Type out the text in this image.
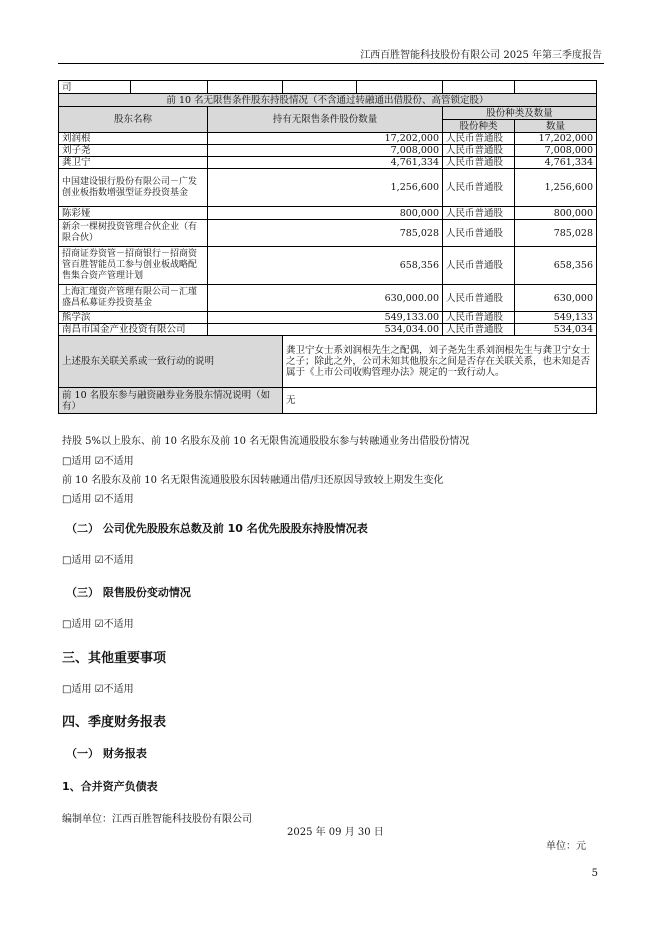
江西百胜智能科技股份有限公司 2025 年第三季度报告
司						
前 10 名无限售条件股东持股情况（不含通过转融通出借股份、高管锁定股）						
股东名称		持有无限售条件股份数量			股份种类及数量	
					股份种类	数量
刘润根		17,202,000			人民币普通股	17,202,000
刘子尧		7,008,000			人民币普通股	7,008,000
龚卫宁		4,761,334			人民币普通股	4,761,334
中国建设银行股份有限公司－广发创业板指数增强型证券投资基金		1,256,600			人民币普通股	1,256,600
陈彩娅		800,000			人民币普通股	800,000
新余一棵树投资管理合伙企业（有限合伙）		785,028			人民币普通股	785,028
招商证券资管－招商银行－招商资管百胜智能员工参与创业板战略配售集合资产管理计划		658,356			人民币普通股	658,356
上海汇瑾资产管理有限公司－汇瑾盛昌私募证券投资基金		630,000.00			人民币普通股	630,000
熊学滨		549,133.00			人民币普通股	549,133
南昌市国金产业投资有限公司		534,034.00			人民币普通股	534,034
上述股东关联关系或一致行动的说明			龚卫宁女士系刘润根先生之配偶，刘子尧先生系刘润根先生与龚卫宁女士之子；除此之外，公司未知其他股东之间是否存在关联关系，也未知是否属于《上市公司收购管理办法》规定的一致行动人。			
前 10 名股东参与融资融券业务股东情况说明（如有）			无			
持股 5%以上股东、前 10 名股东及前 10 名无限售流通股股东参与转融通业务出借股份情况
□适用 ☑不适用
前 10 名股东及前 10 名无限售流通股股东因转融通出借/归还原因导致较上期发生变化
□适用 ☑不适用
（二） 公司优先股股东总数及前 10 名优先股股东持股情况表
□适用 ☑不适用
（三） 限售股份变动情况
□适用 ☑不适用
三、其他重要事项
□适用 ☑不适用
四、季度财务报表
（一） 财务报表
1、合并资产负债表
编制单位：江西百胜智能科技股份有限公司
2025 年 09 月 30 日
单位：元
5
